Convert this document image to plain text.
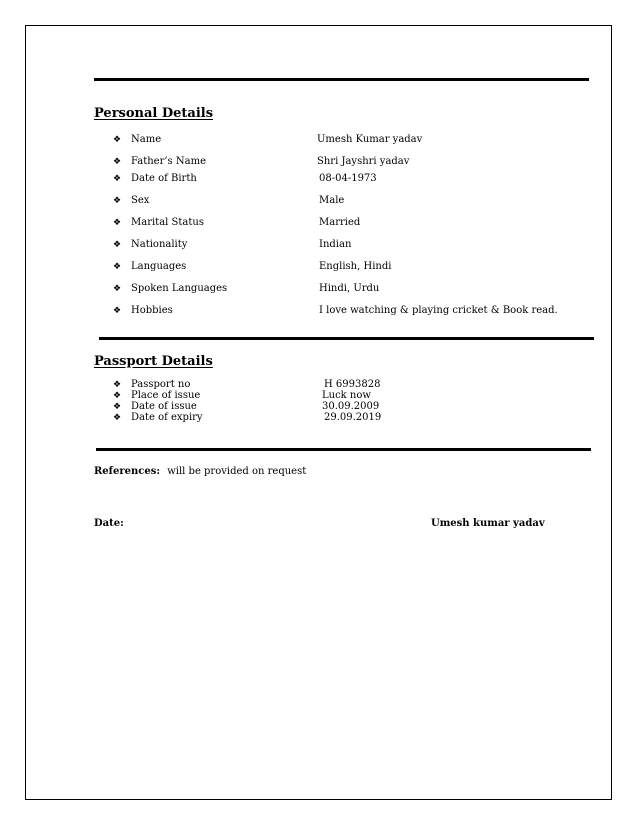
Personal Details
❖ Name	Umesh Kumar yadav
❖ Father’s Name	Shri Jayshri yadav
❖ Date of Birth	08-04-1973
❖ Sex	Male
❖ Marital Status	Married
❖ Nationality	Indian
❖ Languages	English, Hindi
❖ Spoken Languages	Hindi, Urdu
❖ Hobbies	I love watching & playing cricket & Book read.
Passport Details
❖ Passport no	H 6993828
❖ Place of issue	Luck now
❖ Date of issue	30.09.2009
❖ Date of expiry	29.09.2019
References: will be provided on request
Date:	Umesh kumar yadav
